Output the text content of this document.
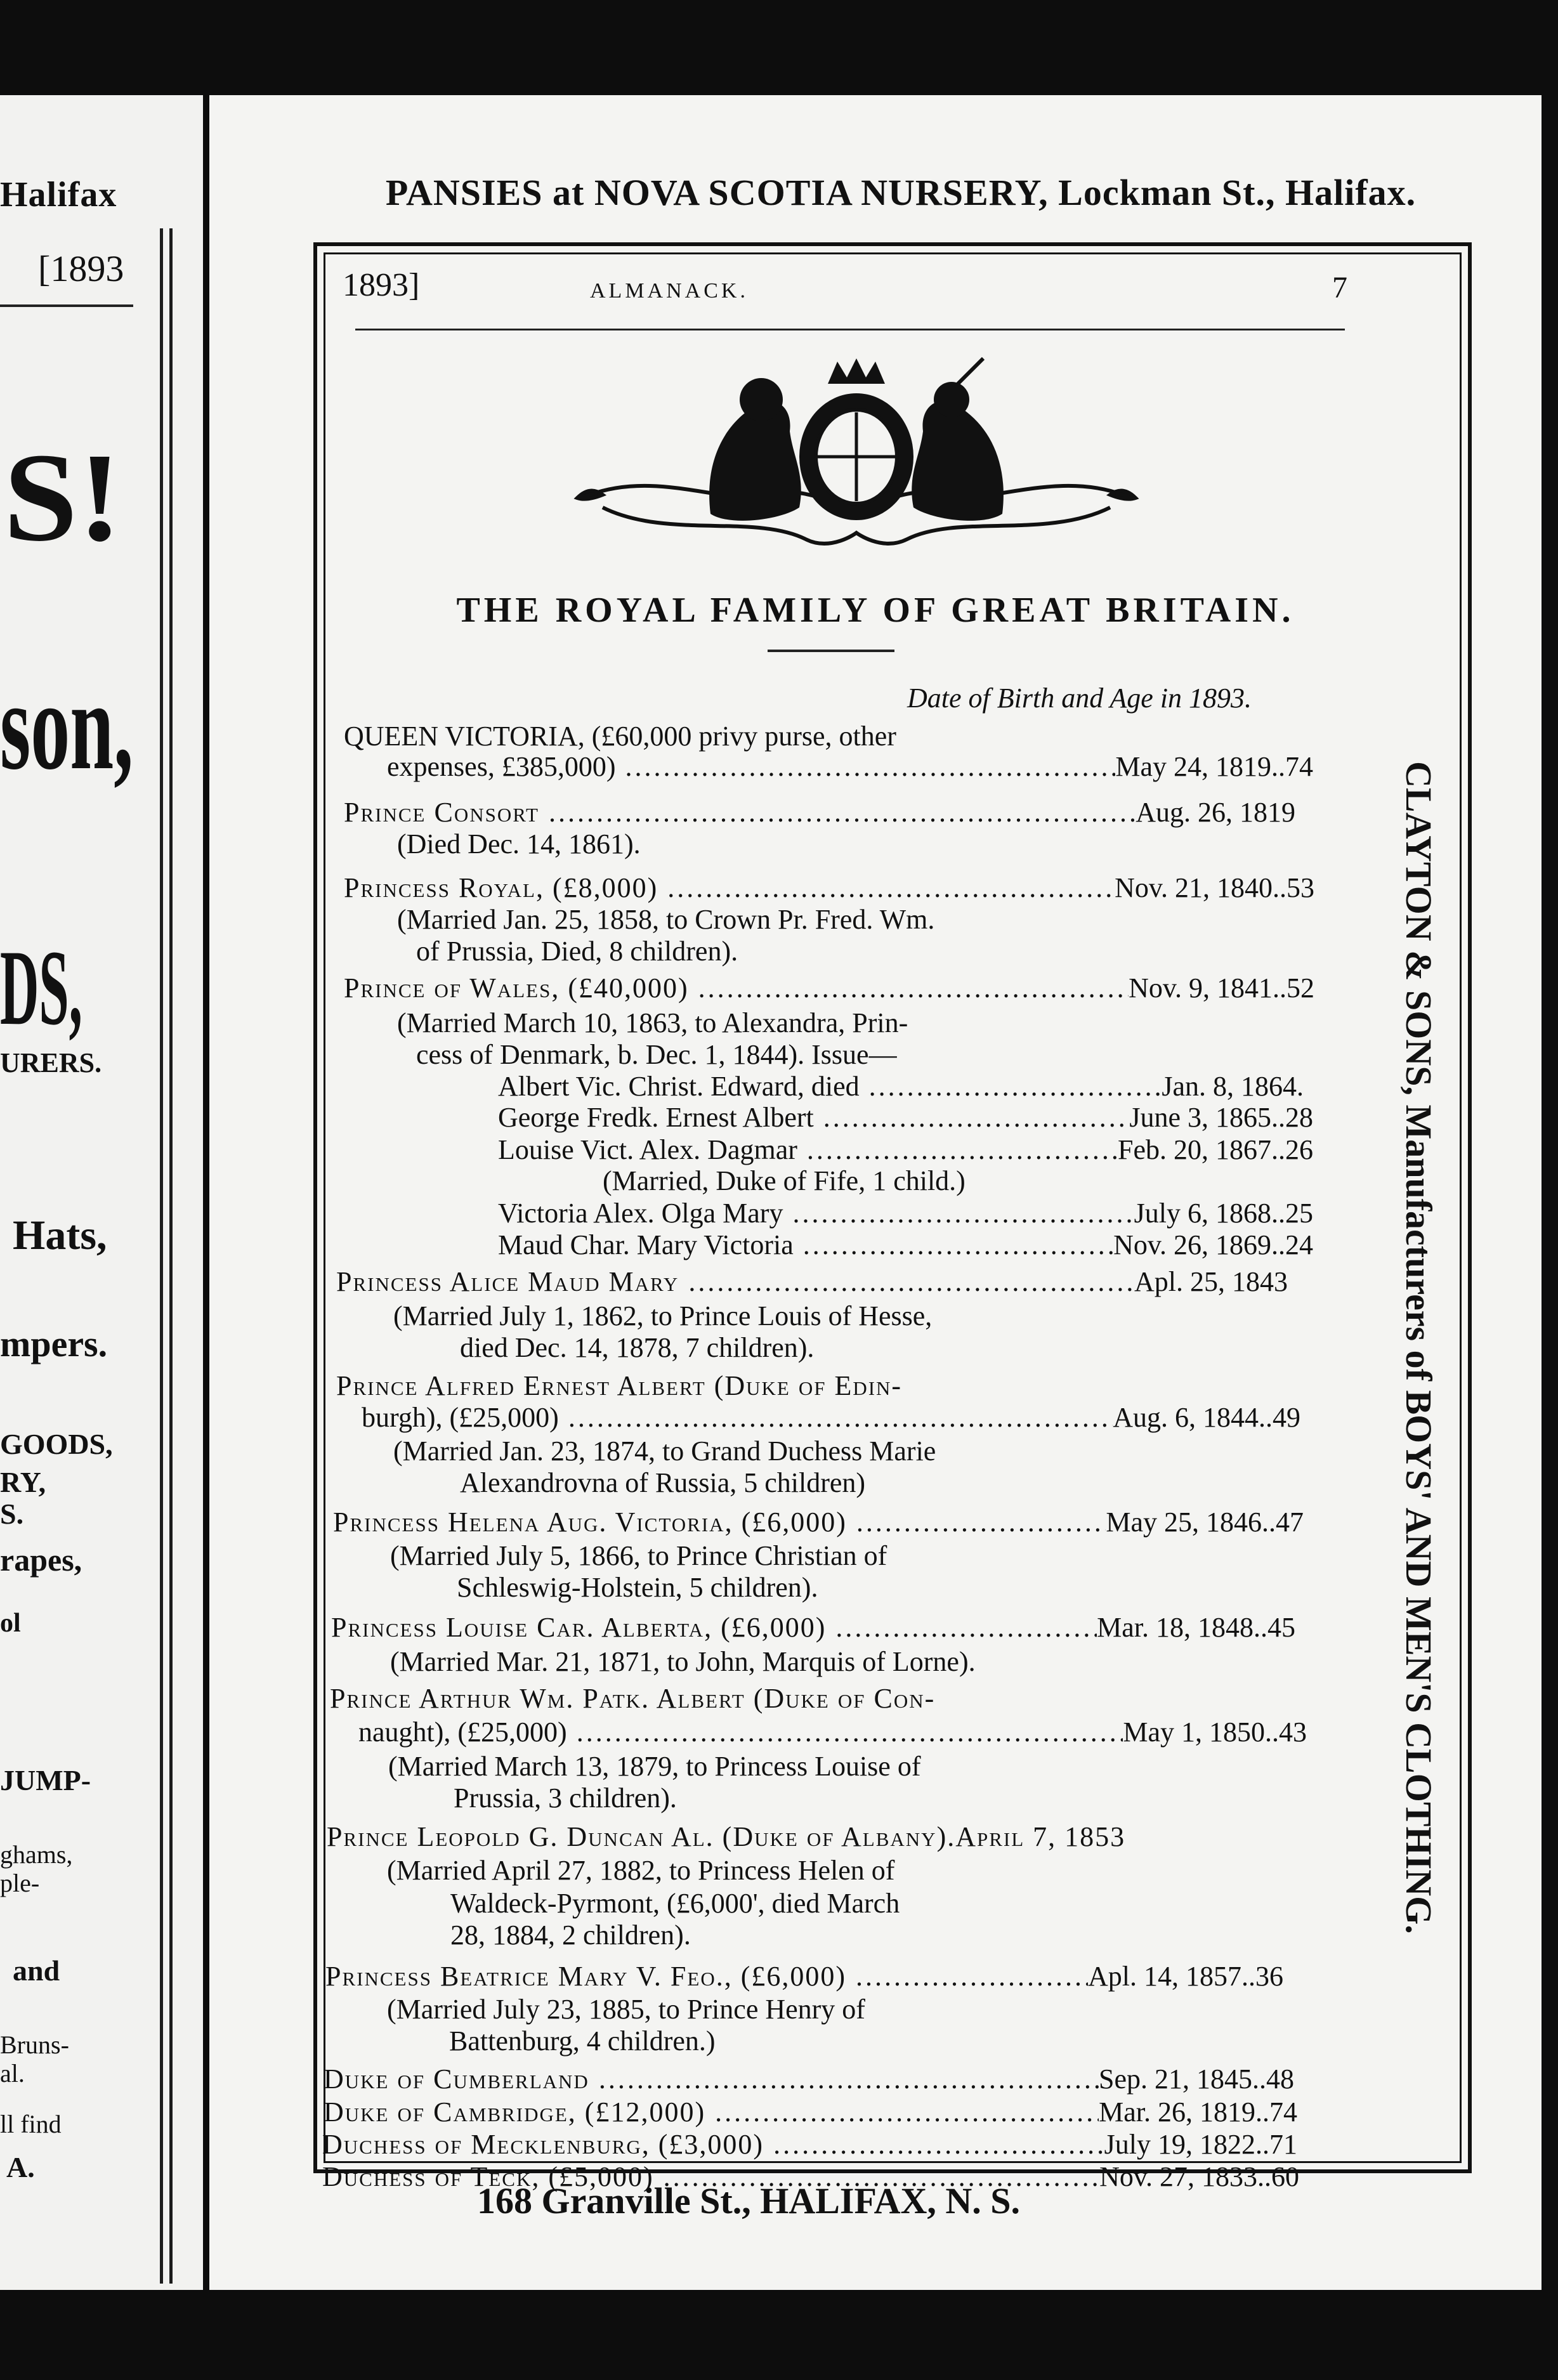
Halifax
[1893
S!
son,
DS,
URERS.
Hats,
mpers.
GOODS,
RY,
S.
rapes,
ol
JUMP-
ghams,
ple-
and
Bruns-
al.
ll find
A.
PANSIES at NOVA SCOTIA NURSERY, Lockman St., Halifax.
1893]	ALMANACK.	7
THE ROYAL FAMILY OF GREAT BRITAIN.
Date of Birth and Age in 1893.
QUEEN VICTORIA, (£60,000 privy purse, other
expenses, £385,000) .....	May 24, 1819..74
Prince Consort .....	Aug. 26, 1819
(Died Dec. 14, 1861).
Princess Royal, (£8,000) .....	Nov. 21, 1840..53
(Married Jan. 25, 1858, to Crown Pr. Fred. Wm.
of Prussia, Died, 8 children).
Prince of Wales, (£40,000) .....	Nov. 9, 1841..52
(Married March 10, 1863, to Alexandra, Prin-
cess of Denmark, b. Dec. 1, 1844). Issue—
Albert Vic. Christ. Edward, died .....	Jan. 8, 1864.
George Fredk. Ernest Albert .....	June 3, 1865..28
Louise Vict. Alex. Dagmar .....	Feb. 20, 1867..26
(Married, Duke of Fife, 1 child.)
Victoria Alex. Olga Mary .....	July 6, 1868..25
Maud Char. Mary Victoria .....	Nov. 26, 1869..24
Princess Alice Maud Mary .....	Apl. 25, 1843
(Married July 1, 1862, to Prince Louis of Hesse,
died Dec. 14, 1878, 7 children).
Prince Alfred Ernest Albert (Duke of Edin-
burgh), (£25,000) .....	Aug. 6, 1844..49
(Married Jan. 23, 1874, to Grand Duchess Marie
Alexandrovna of Russia, 5 children)
Princess Helena Aug. Victoria, (£6,000) .....	May 25, 1846..47
(Married July 5, 1866, to Prince Christian of
Schleswig-Holstein, 5 children).
Princess Louise Car. Alberta, (£6,000) .....	Mar. 18, 1848..45
(Married Mar. 21, 1871, to John, Marquis of Lorne).
Prince Arthur Wm. Patk. Albert (Duke of Con-
naught), (£25,000) .....	May 1, 1850..43
(Married March 13, 1879, to Princess Louise of
Prussia, 3 children).
Prince Leopold G. Duncan Al. (Duke of Albany).April 7, 1853
(Married April 27, 1882, to Princess Helen of
Waldeck-Pyrmont, (£6,000', died March
28, 1884, 2 children).
Princess Beatrice Mary V. Feo., (£6,000) .....	Apl. 14, 1857..36
(Married July 23, 1885, to Prince Henry of
Battenburg, 4 children.)
Duke of Cumberland .....	Sep. 21, 1845..48
Duke of Cambridge, (£12,000) .....	Mar. 26, 1819..74
Duchess of Mecklenburg, (£3,000) .....	July 19, 1822..71
Duchess of Teck, (£5,000) .....	Nov. 27, 1833..60
CLAYTON & SONS, Manufacturers of BOYS' AND MEN'S CLOTHING.
168 Granville St., HALIFAX, N. S.
